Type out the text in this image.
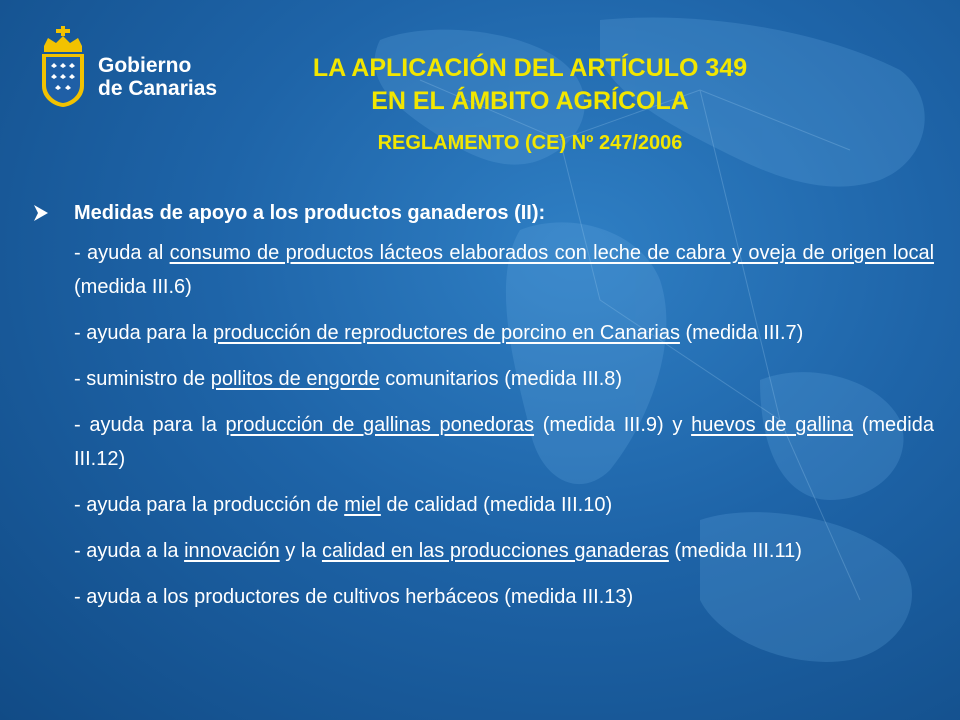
Gobierno
de Canarias
LA APLICACIÓN DEL ARTÍCULO 349
EN EL ÁMBITO AGRÍCOLA
REGLAMENTO (CE) Nº 247/2006
Medidas de apoyo a los productos ganaderos (II):
- ayuda al consumo de productos lácteos elaborados con leche de cabra y oveja de origen local (medida III.6)
- ayuda para la producción de reproductores de porcino en Canarias (medida III.7)
- suministro de pollitos de engorde comunitarios (medida III.8)
- ayuda para la producción de gallinas ponedoras (medida III.9) y huevos de gallina (medida III.12)
- ayuda para la producción de miel de calidad (medida III.10)
- ayuda a la innovación y la calidad en las producciones ganaderas (medida III.11)
- ayuda a los productores de cultivos herbáceos (medida III.13)
